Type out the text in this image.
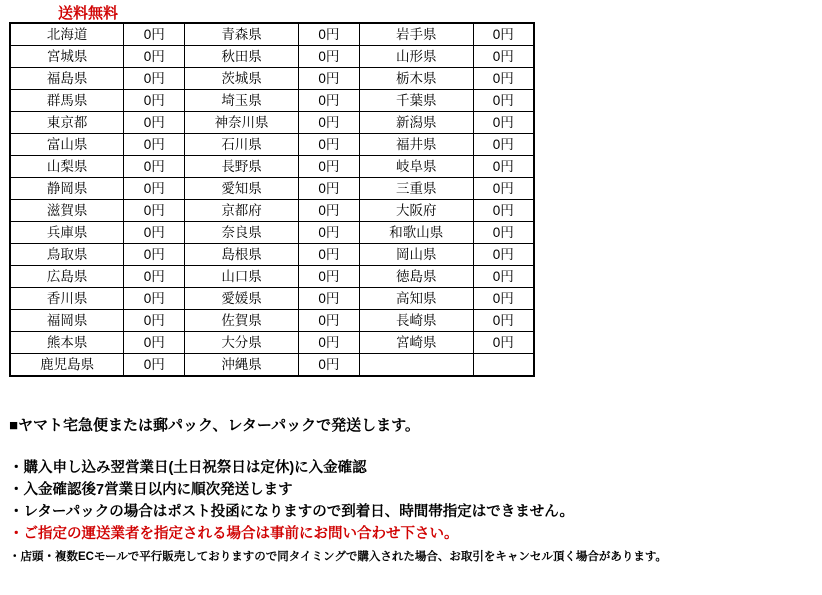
送料無料
北海道	0円	青森県	0円	岩手県	0円
宮城県	0円	秋田県	0円	山形県	0円
福島県	0円	茨城県	0円	栃木県	0円
群馬県	0円	埼玉県	0円	千葉県	0円
東京都	0円	神奈川県	0円	新潟県	0円
富山県	0円	石川県	0円	福井県	0円
山梨県	0円	長野県	0円	岐阜県	0円
静岡県	0円	愛知県	0円	三重県	0円
滋賀県	0円	京都府	0円	大阪府	0円
兵庫県	0円	奈良県	0円	和歌山県	0円
鳥取県	0円	島根県	0円	岡山県	0円
広島県	0円	山口県	0円	徳島県	0円
香川県	0円	愛媛県	0円	高知県	0円
福岡県	0円	佐賀県	0円	長崎県	0円
熊本県	0円	大分県	0円	宮崎県	0円
鹿児島県	0円	沖縄県	0円		
■ヤマト宅急便または郵パック、レターパックで発送します。
・購入申し込み翌営業日(土日祝祭日は定休)に入金確認
・入金確認後7営業日以内に順次発送します
・レターパックの場合はポスト投函になりますので到着日、時間帯指定はできません。
・ご指定の運送業者を指定される場合は事前にお問い合わせ下さい。
・店頭・複数ECモールで平行販売しておりますので同タイミングで購入された場合、お取引をキャンセル頂く場合があります。
